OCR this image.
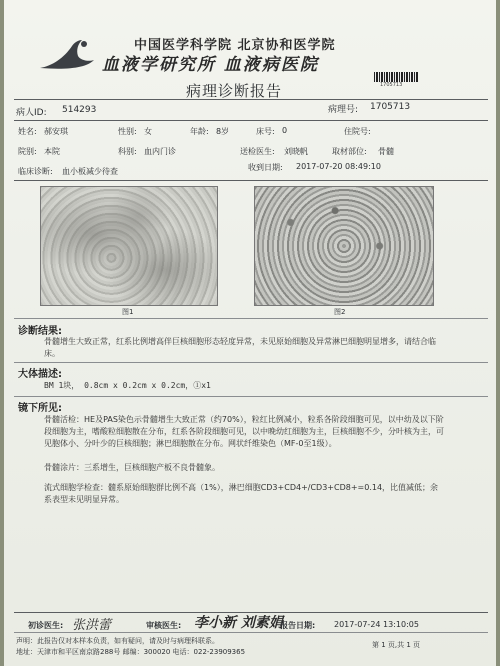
中国医学科学院 北京协和医学院
血液学研究所 血液病医院
1705713
病理诊断报告
病人ID: 514293	病理号: 1705713
姓名: 郝安琪	性别: 女	年龄: 8岁	床号: 0	住院号:
院别: 本院	科别: 血内门诊	送检医生: 刘晓帆	取材部位: 骨髓
临床诊断: 血小板减少待查	收到日期: 2017-07-20 08:49:10
图1	图2
诊断结果:
骨髓增生大致正常，红系比例增高伴巨核细胞形态轻度异常，未见原始细胞及异常淋巴细胞明显增多，请结合临床。
大体描述:
BM 1块， 0.8cm x 0.2cm x 0.2cm，①x1
镜下所见:
骨髓活检：HE及PAS染色示骨髓增生大致正常（约70%），粒红比例减小，粒系各阶段细胞可见，以中幼及以下阶段细胞为主，嗜酸粒细胞散在分布，红系各阶段细胞可见，以中晚幼红细胞为主，巨核细胞不少，分叶核为主，可见胞体小、分叶少的巨核细胞；淋巴细胞散在分布。网状纤维染色（MF-0至1级）。
骨髓涂片：三系增生，巨核细胞产板不良骨髓象。
流式细胞学检查：髓系原始细胞群比例不高（1%），淋巴细胞CD3+CD4+/CD3+CD8+=0.14，比值减低；余系表型未见明显异常。
初诊医生: 张洪蕾	审核医生: 李小新 刘素娟
报告日期: 2017-07-24 13:10:05
声明：此报告仅对本样本负责，如有疑问，请及时与病理科联系。	第 1 页,共 1 页
地址：天津市和平区南京路288号 邮编：300020 电话：022-23909365
